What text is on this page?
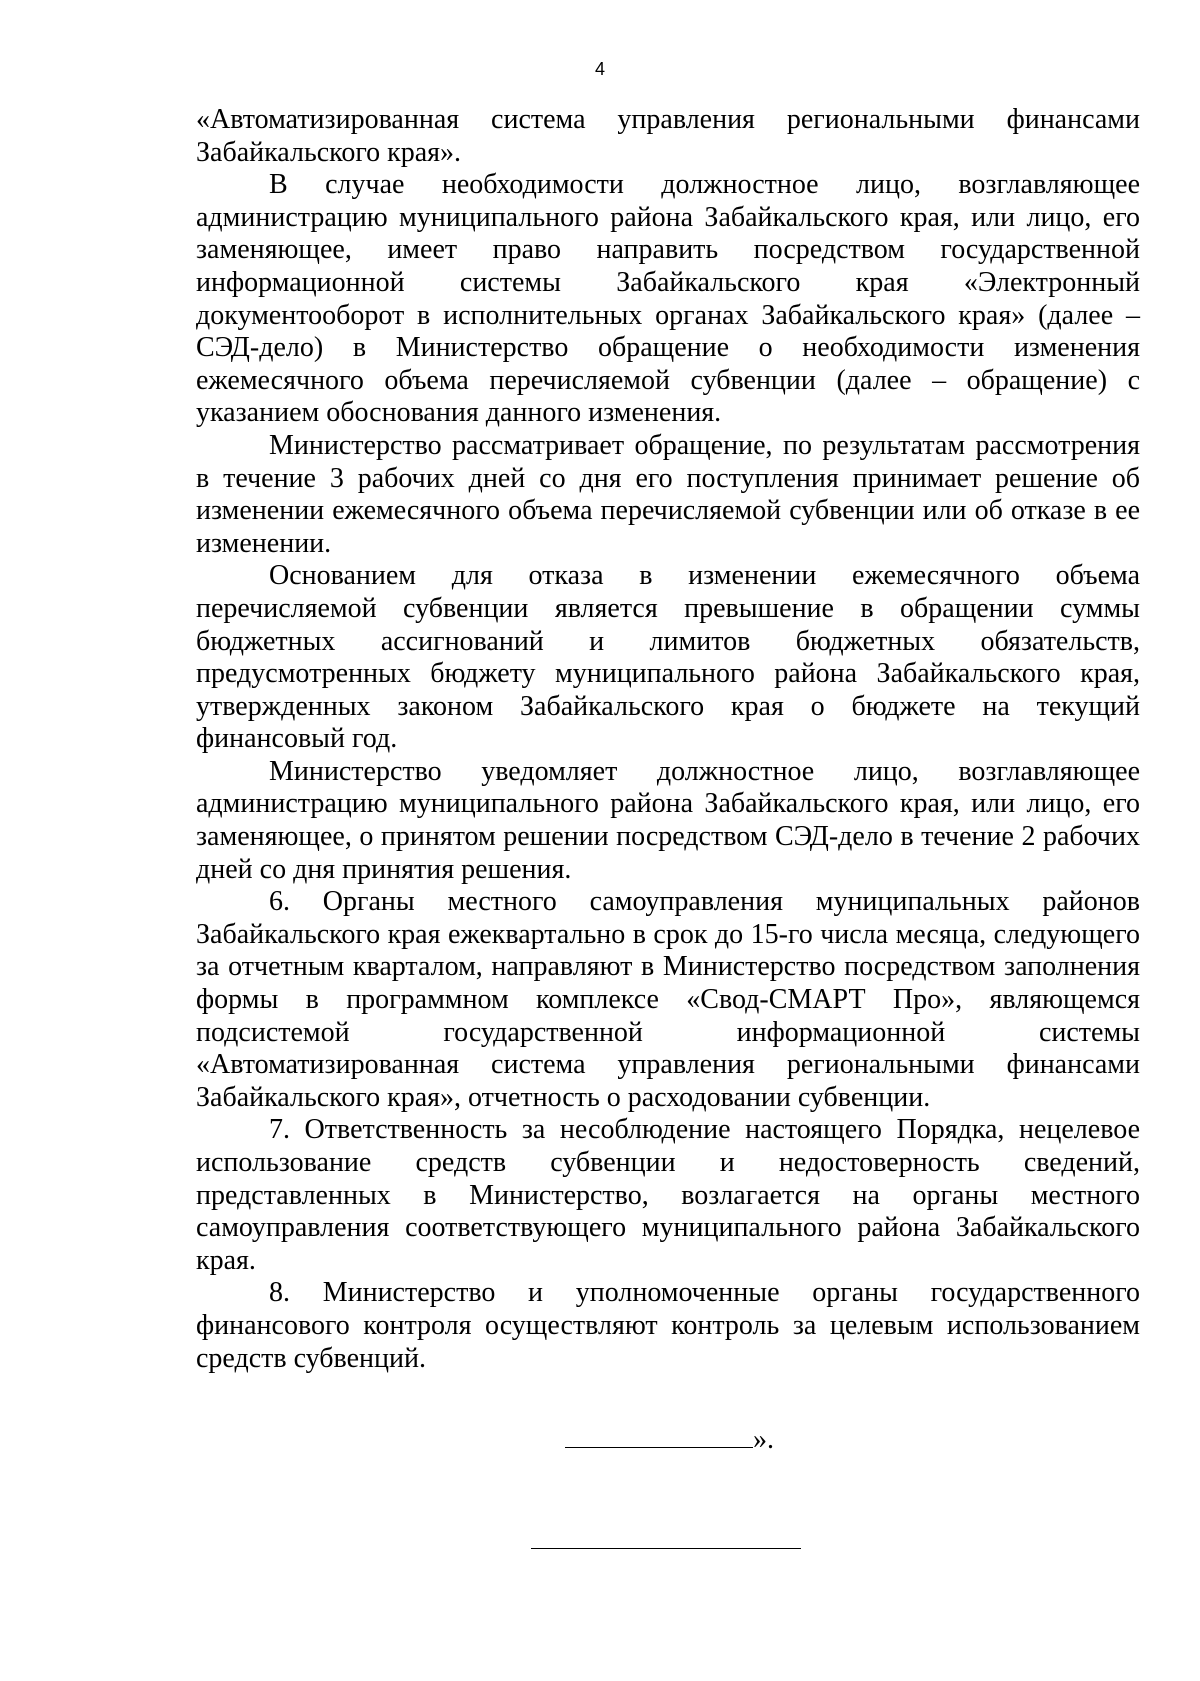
4

«Автоматизированная система управления региональными финансами Забайкальского края».

В случае необходимости должностное лицо, возглавляющее администрацию муниципального района Забайкальского края, или лицо, его заменяющее, имеет право направить посредством государственной информационной системы Забайкальского края «Электронный документооборот в исполнительных органах Забайкальского края» (далее – СЭД-дело) в Министерство обращение о необходимости изменения ежемесячного объема перечисляемой субвенции (далее – обращение) с указанием обоснования данного изменения.

Министерство рассматривает обращение, по результатам рассмотрения в течение 3 рабочих дней со дня его поступления принимает решение об изменении ежемесячного объема перечисляемой субвенции или об отказе в ее изменении.

Основанием для отказа в изменении ежемесячного объема перечисляемой субвенции является превышение в обращении суммы бюджетных ассигнований и лимитов бюджетных обязательств, предусмотренных бюджету муниципального района Забайкальского края, утвержденных законом Забайкальского края о бюджете на текущий финансовый год.

Министерство уведомляет должностное лицо, возглавляющее администрацию муниципального района Забайкальского края, или лицо, его заменяющее, о принятом решении посредством СЭД-дело в течение 2 рабочих дней со дня принятия решения.

6. Органы местного самоуправления муниципальных районов Забайкальского края ежеквартально в срок до 15-го числа месяца, следующего за отчетным кварталом, направляют в Министерство посредством заполнения формы в программном комплексе «Свод-СМАРТ Про», являющемся подсистемой государственной информационной системы «Автоматизированная система управления региональными финансами Забайкальского края», отчетность о расходовании субвенции.

7. Ответственность за несоблюдение настоящего Порядка, нецелевое использование средств субвенции и недостоверность сведений, представленных в Министерство, возлагается на органы местного самоуправления соответствующего муниципального района Забайкальского края.

8. Министерство и уполномоченные органы государственного финансового контроля осуществляют контроль за целевым использованием средств субвенций.

».
